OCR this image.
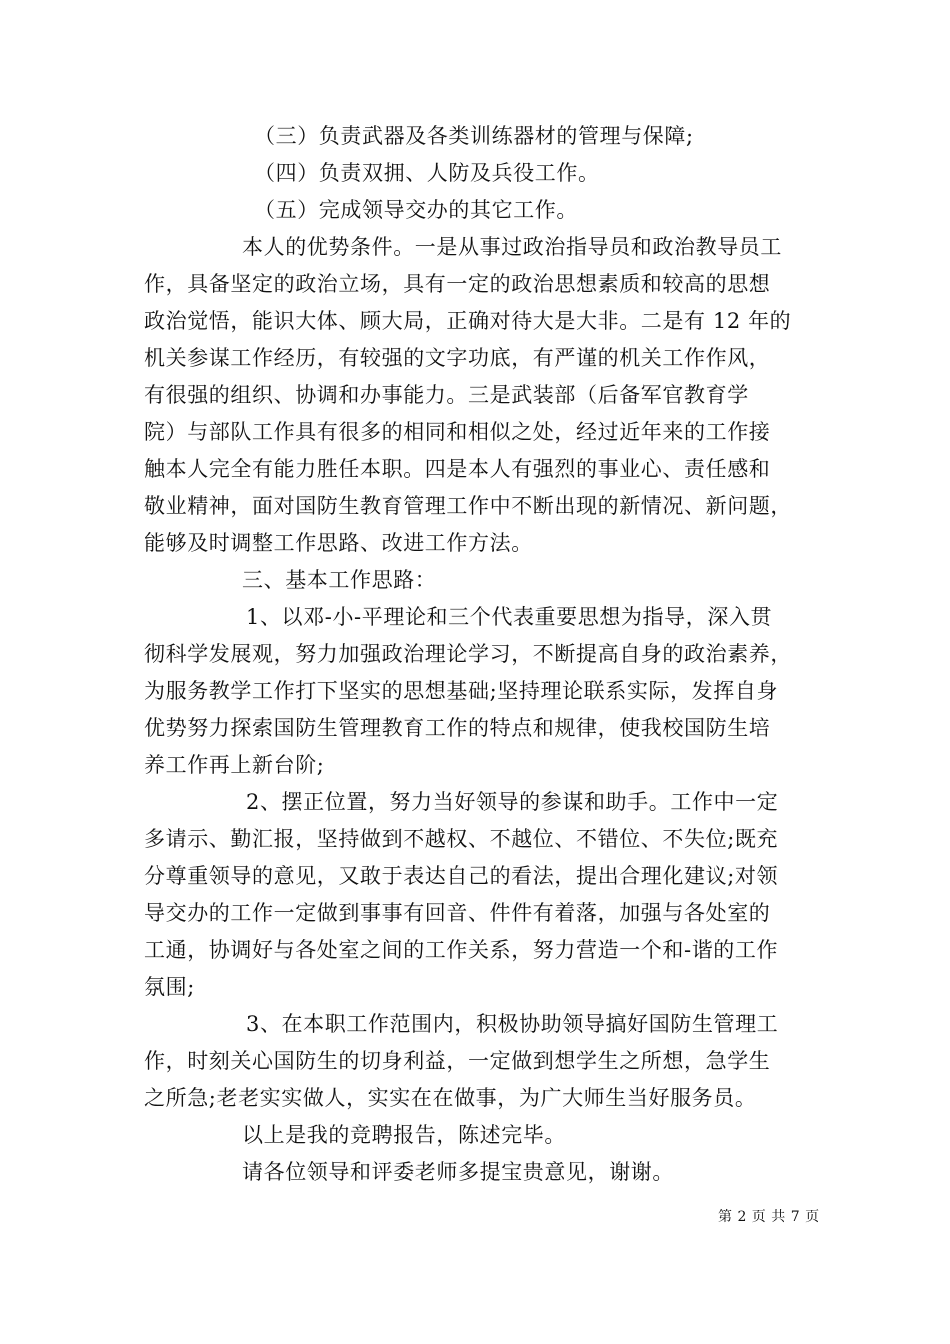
（三）负责武器及各类训练器材的管理与保障;
（四）负责双拥、人防及兵役工作。
（五）完成领导交办的其它工作。
本人的优势条件。一是从事过政治指导员和政治教导员工
作，具备坚定的政治立场，具有一定的政治思想素质和较高的思想
政治觉悟，能识大体、顾大局，正确对待大是大非。二是有 12 年的
机关参谋工作经历，有较强的文字功底，有严谨的机关工作作风，
有很强的组织、协调和办事能力。三是武装部（后备军官教育学
院）与部队工作具有很多的相同和相似之处，经过近年来的工作接
触本人完全有能力胜任本职。四是本人有强烈的事业心、责任感和
敬业精神，面对国防生教育管理工作中不断出现的新情况、新问题，
能够及时调整工作思路、改进工作方法。
三、基本工作思路：
1、以邓-小-平理论和三个代表重要思想为指导，深入贯
彻科学发展观，努力加强政治理论学习，不断提高自身的政治素养，
为服务教学工作打下坚实的思想基础;坚持理论联系实际，发挥自身
优势努力探索国防生管理教育工作的特点和规律，使我校国防生培
养工作再上新台阶;
2、摆正位置，努力当好领导的参谋和助手。工作中一定
多请示、勤汇报，坚持做到不越权、不越位、不错位、不失位;既充
分尊重领导的意见，又敢于表达自己的看法，提出合理化建议;对领
导交办的工作一定做到事事有回音、件件有着落，加强与各处室的
工通，协调好与各处室之间的工作关系，努力营造一个和-谐的工作
氛围;
3、在本职工作范围内，积极协助领导搞好国防生管理工
作，时刻关心国防生的切身利益，一定做到想学生之所想，急学生
之所急;老老实实做人，实实在在做事，为广大师生当好服务员。
以上是我的竞聘报告，陈述完毕。
请各位领导和评委老师多提宝贵意见，谢谢。
第 2 页 共 7 页
